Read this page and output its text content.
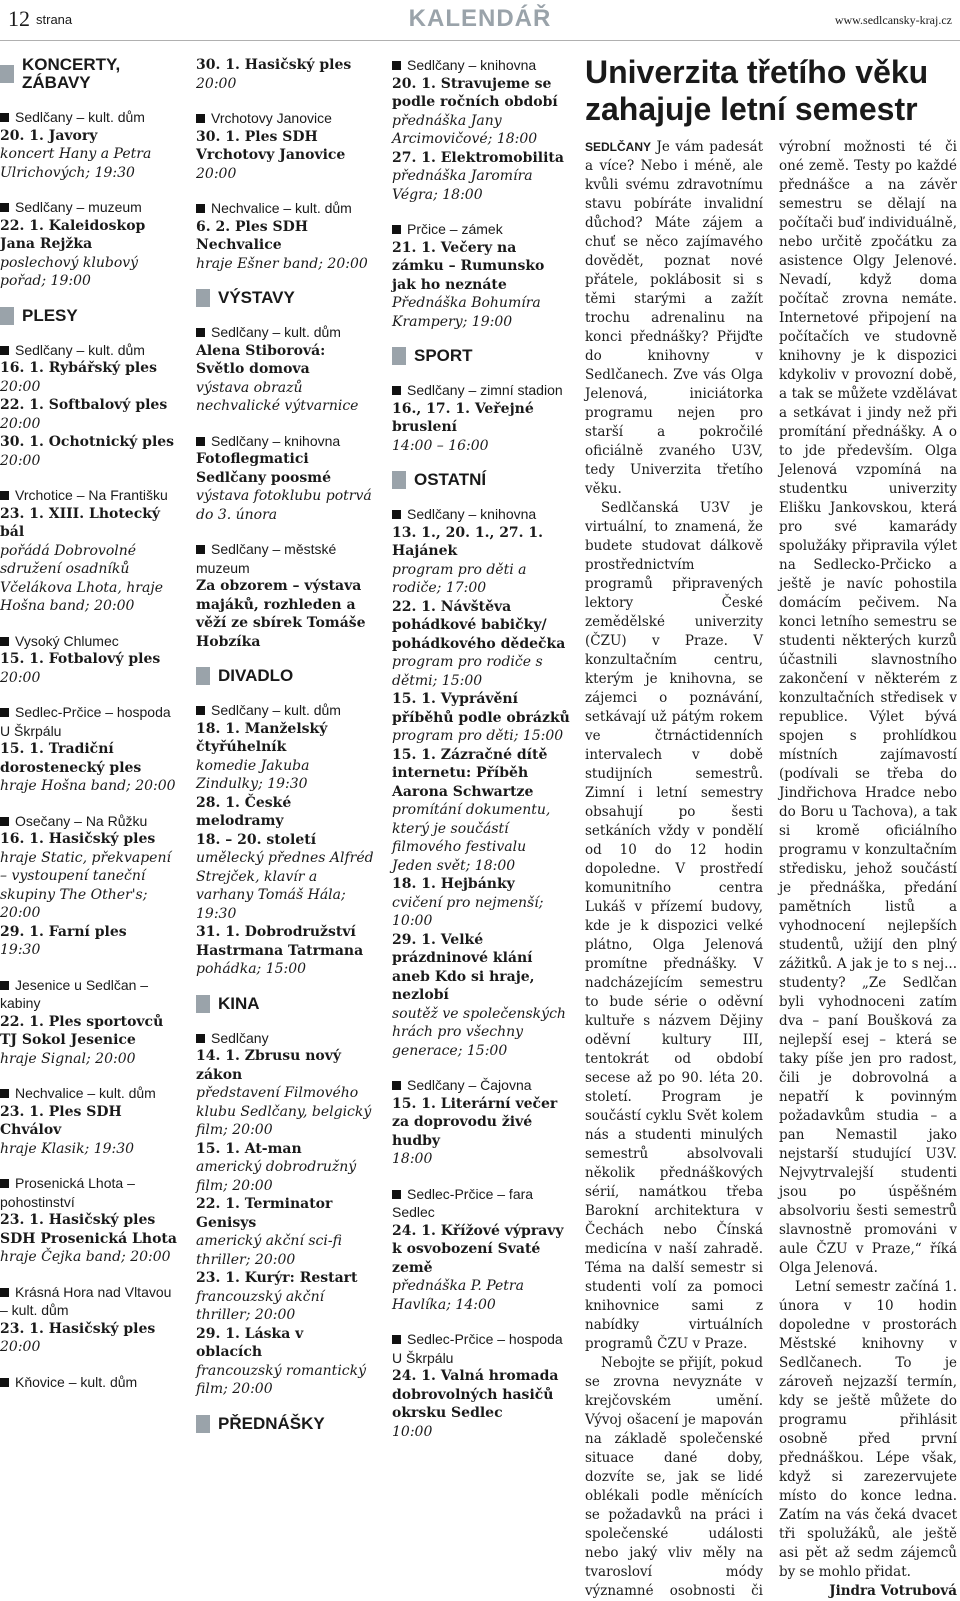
12 strana	KALENDÁŘ	www.sedlcansky-kraj.cz
KONCERTY, ZÁBAVY
Sedlčany – kult. dům
20. 1. Javory
koncert Hany a Petra Ulrichových; 19:30
Sedlčany – muzeum
22. 1. Kaleidoskop Jana Rejžka
poslechový klubový pořad; 19:00
PLESY
Sedlčany – kult. dům
16. 1. Rybářský ples
20:00
22. 1. Softbalový ples
20:00
30. 1. Ochotnický ples
20:00
Vrchotice – Na Františku
23. 1. XIII. Lhotecký bál
pořádá Dobrovolné sdružení osadníků Včelákova Lhota, hraje Hošna band; 20:00
Vysoký Chlumec
15. 1. Fotbalový ples
20:00
Sedlec-Prčice – hospoda U Škrpálu
15. 1. Tradiční dorostenecký ples
hraje Hošna band; 20:00
Osečany – Na Růžku
16. 1. Hasičský ples
hraje Static, překvapení – vystoupení taneční skupiny The Other's; 20:00
29. 1. Farní ples
19:30
Jesenice u Sedlčan – kabiny
22. 1. Ples sportovců TJ Sokol Jesenice
hraje Signal; 20:00
Nechvalice – kult. dům
23. 1. Ples SDH Chválov
hraje Klasik; 19:30
Prosenická Lhota – pohostinství
23. 1. Hasičský ples SDH Prosenická Lhota
hraje Čejka band; 20:00
Krásná Hora nad Vltavou – kult. dům
23. 1. Hasičský ples
20:00
Kňovice – kult. dům
30. 1. Hasičský ples
20:00
Vrchotovy Janovice
30. 1. Ples SDH Vrchotovy Janovice
20:00
Nechvalice – kult. dům
6. 2. Ples SDH Nechvalice
hraje Ešner band; 20:00
VÝSTAVY
Sedlčany – kult. dům
Alena Stiborová: Světlo domova
výstava obrazů nechvalické výtvarnice
Sedlčany – knihovna
Fotoflegmatici Sedlčany poosmé
výstava fotoklubu potrvá do 3. února
Sedlčany – městské muzeum
Za obzorem – výstava majáků, rozhleden a věží ze sbírek Tomáše Hobzíka
DIVADLO
Sedlčany – kult. dům
18. 1. Manželský čtyřúhelník
komedie Jakuba Zindulky; 19:30
28. 1. České melodramy
18. – 20. století
umělecký přednes Alfréd Strejček, klavír a varhany Tomáš Hála; 19:30
31. 1. Dobrodružství Hastrmana Tatrmana
pohádka; 15:00
KINA
Sedlčany
14. 1. Zbrusu nový zákon
představení Filmového klubu Sedlčany, belgický film; 20:00
15. 1. At-man
americký dobrodružný film; 20:00
22. 1. Terminator Genisys
americký akční sci-fi thriller; 20:00
23. 1. Kurýr: Restart
francouzský akční thriller; 20:00
29. 1. Láska v oblacích
francouzský romantický film; 20:00
PŘEDNÁŠKY
Sedlčany – knihovna
20. 1. Stravujeme se podle ročních období
přednáška Jany Arcimovičové; 18:00
27. 1. Elektromobilita
přednáška Jaromíra Végra; 18:00
Prčice – zámek
21. 1. Večery na zámku – Rumunsko jak ho neznáte
Přednáška Bohumíra Krampery; 19:00
SPORT
Sedlčany – zimní stadion
16., 17. 1. Veřejné bruslení
14:00 – 16:00
OSTATNÍ
Sedlčany – knihovna
13. 1., 20. 1., 27. 1. Hajánek
program pro děti a rodiče; 17:00
22. 1. Návštěva pohádkové babičky/ pohádkového dědečka
program pro rodiče s dětmi; 15:00
15. 1. Vyprávění příběhů podle obrázků
program pro děti; 15:00
15. 1. Zázračné dítě internetu: Příběh Aarona Schwartze
promítání dokumentu, který je součástí filmového festivalu Jeden svět; 18:00
18. 1. Hejbánky
cvičení pro nejmenší; 10:00
29. 1. Velké prázdninové klání aneb Kdo si hraje, nezlobí
soutěž ve společenských hrách pro všechny generace; 15:00
Sedlčany – Čajovna
15. 1. Literární večer za doprovodu živé hudby
18:00
Sedlec-Prčice – fara Sedlec
24. 1. Křížové výpravy k osvobození Svaté země
přednáška P. Petra Havlíka; 14:00
Sedlec-Prčice – hospoda U Škrpálu
24. 1. Valná hromada dobrovolných hasičů okrsku Sedlec
10:00
Univerzita třetího věku zahajuje letní semestr

SEDLČANY Je vám padesát a více? Nebo i méně, ale kvůli svému zdravotnímu stavu pobíráte invalidní důchod? Máte zájem a chuť se něco zajímavého dovědět, poznat nové přátele, poklábosit si s těmi starými a zažít trochu adrenalinu na konci přednášky? Přijďte do knihovny v Sedlčanech. Zve vás Olga Jelenová, iniciátorka programu nejen pro starší a pokročilé oficiálně zvaného U3V, tedy Univerzita třetího věku.

Sedlčanská U3V je virtuální, to znamená, že budete studovat dálkově prostřednictvím programů připravených lektory České zemědělské univerzity (ČZU) v Praze. V konzultačním centru, kterým je knihovna, se zájemci o poznávání, setkávají už pátým rokem ve čtrnáctidenních intervalech v době studijních semestrů. Zimní i letní semestry obsahují po šesti setkáních vždy v pondělí od 10 do 12 hodin dopoledne. V prostředí komunitního centra Lukáš v přízemí budovy, kde je k dispozici velké plátno, Olga Jelenová promítne přednášky. V nadcházejícím semestru to bude série o oděvní kultuře s názvem Dějiny oděvní kultury III, tentokrát od období secese až po 90. léta 20. století. Program je součástí cyklu Svět kolem nás a studenti minulých semestrů absolvovali několik přednáškových sérií, namátkou třeba Barokní architektura v Čechách nebo Čínská medicína v naší zahradě. Téma na další semestr si studenti volí za pomoci knihovnice sami z nabídky virtuálních programů ČZU v Praze.

Nebojte se přijít, pokud se zrovna nevyznáte v krejčovském umění. Vývoj ošacení je mapován na základě společenské situace dané doby, dozvíte se, jak se lidé oblékali podle měnících se požadavků na práci i společenské události nebo jaký vliv měly na tvarosloví módy významné osobnosti či výrobní možnosti té či oné země. Testy po každé přednášce a na závěr semestru se dělají na počítači buď individuálně, nebo určitě zpočátku za asistence Olgy Jelenové. Nevadí, když doma počítač zrovna nemáte. Internetové připojení na počítačích ve studovně knihovny je k dispozici kdykoliv v provozní době, a tak se můžete vzdělávat a setkávat i jindy než při promítání přednášky. A o to jde především. Olga Jelenová vzpomíná na studentku univerzity Elišku Jankovskou, která pro své kamarády spolužáky připravila výlet na Sedlecko-Prčicko a ještě je navíc pohostila domácím pečivem. Na konci letního semestru se studenti některých kurzů účastnili slavnostního zakončení v některém z konzultačních středisek v republice. Výlet bývá spojen s prohlídkou místních zajímavostí (podívali se třeba do Jindřichova Hradce nebo do Boru u Tachova), a tak si kromě oficiálního programu v konzultačním středisku, jehož součástí je přednáška, předání pamětních listů a vyhodnocení nejlepších studentů, užijí den plný zážitků. A jak je to s nej... studenty? „Ze Sedlčan byli vyhodnoceni zatím dva – paní Boušková za nejlepší esej – která se taky píše jen pro radost, čili je dobrovolná a nepatří k povinným požadavkům studia – a pan Nemastil jako nejstarší studující U3V. Nejvytrvalejší studenti jsou po úspěšném absolvoriu šesti semestrů slavnostně promováni v aule ČZU v Praze,“ říká Olga Jelenová.

Letní semestr začíná 1. února v 10 hodin dopoledne v prostorách Městské knihovny v Sedlčanech. To je zároveň nejzazší termín, kdy se ještě můžete do programu přihlásit osobně před první přednáškou. Lépe však, když si zarezervujete místo do konce ledna. Zatím na vás čeká dvacet tři spolužáků, ale ještě asi pět až sedm zájemců by se mohlo přidat.

Jindra Votrubová
